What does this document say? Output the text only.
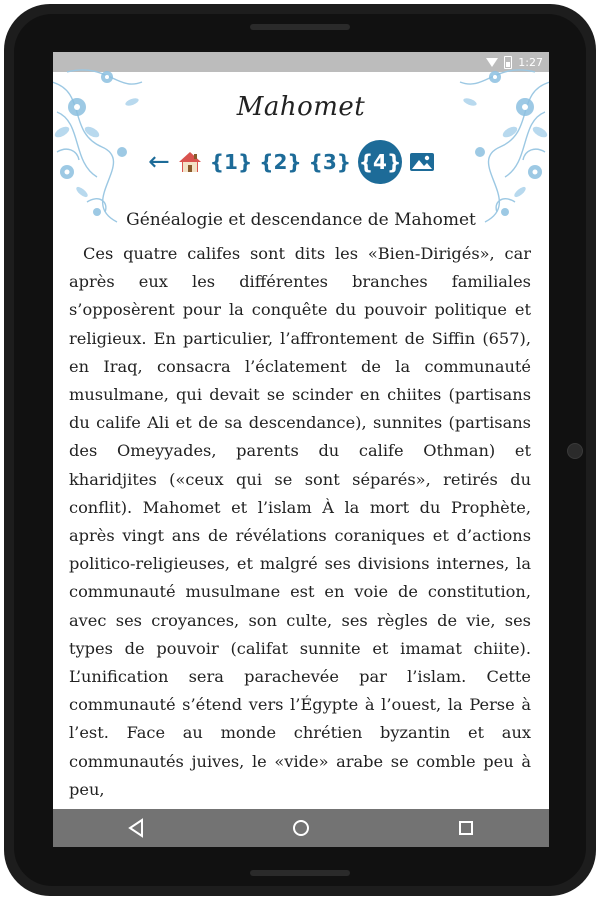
1:27
Mahomet
← {1} {2} {3} {4}
Généalogie et descendance de Mahomet

Ces quatre califes sont dits les «Bien-Dirigés», car après eux les différentes branches familiales s’opposèrent pour la conquête du pouvoir politique et religieux. En particulier, l’affrontement de Siffin (657), en Iraq, consacra l’éclatement de la communauté musulmane, qui devait se scinder en chiites (partisans du calife Ali et de sa descendance), sunnites (partisans des Omeyyades, parents du calife Othman) et kharidjites («ceux qui se sont séparés», retirés du conflit). Mahomet et l’islam À la mort du Prophète, après vingt ans de révélations coraniques et d’actions politico-religieuses, et malgré ses divisions internes, la communauté musulmane est en voie de constitution, avec ses croyances, son culte, ses règles de vie, ses types de pouvoir (califat sunnite et imamat chiite). L’unification sera parachevée par l’islam. Cette communauté s’étend vers l’Égypte à l’ouest, la Perse à l’est. Face au monde chrétien byzantin et aux communautés juives, le «vide» arabe se comble peu à peu,
